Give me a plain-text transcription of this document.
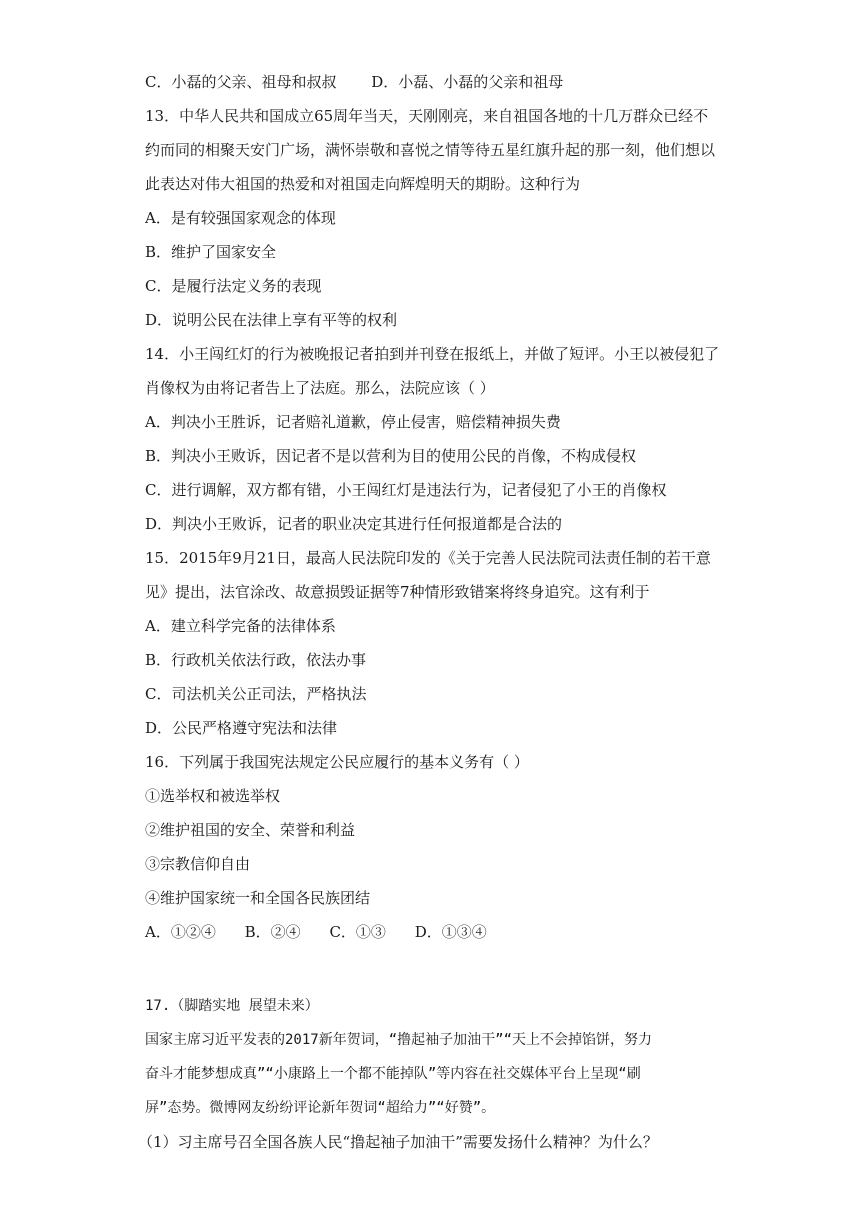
C．小磊的父亲、祖母和叔叔 D．小磊、小磊的父亲和祖母
13．中华人民共和国成立65周年当天，天刚刚亮，来自祖国各地的十几万群众已经不
约而同的相聚天安门广场，满怀崇敬和喜悦之情等待五星红旗升起的那一刻，他们想以
此表达对伟大祖国的热爱和对祖国走向辉煌明天的期盼。这种行为
A．是有较强国家观念的体现
B．维护了国家安全
C．是履行法定义务的表现
D．说明公民在法律上享有平等的权利
14．小王闯红灯的行为被晚报记者拍到并刊登在报纸上，并做了短评。小王以被侵犯了
肖像权为由将记者告上了法庭。那么，法院应该（ ）
A．判决小王胜诉，记者赔礼道歉，停止侵害，赔偿精神损失费
B．判决小王败诉，因记者不是以营利为目的使用公民的肖像，不构成侵权
C．进行调解，双方都有错，小王闯红灯是违法行为，记者侵犯了小王的肖像权
D．判决小王败诉，记者的职业决定其进行任何报道都是合法的
15．2015年9月21日，最高人民法院印发的《关于完善人民法院司法责任制的若干意
见》提出，法官涂改、故意损毁证据等7种情形致错案将终身追究。这有利于
A．建立科学完备的法律体系
B．行政机关依法行政，依法办事
C．司法机关公正司法，严格执法
D．公民严格遵守宪法和法律
16．下列属于我国宪法规定公民应履行的基本义务有（ ）
①选举权和被选举权
②维护祖国的安全、荣誉和利益
③宗教信仰自由
④维护国家统一和全国各民族团结
A．①②④ B．②④ C．①③ D．①③④
17.（脚踏实地 展望未来）
国家主席习近平发表的2017新年贺词，“撸起袖子加油干”“天上不会掉馅饼，努力
奋斗才能梦想成真”“小康路上一个都不能掉队”等内容在社交媒体平台上呈现“刷
屏”态势。微博网友纷纷评论新年贺词“超给力”“好赞”。
（1）习主席号召全国各族人民“撸起袖子加油干”需要发扬什么精神？为什么？
